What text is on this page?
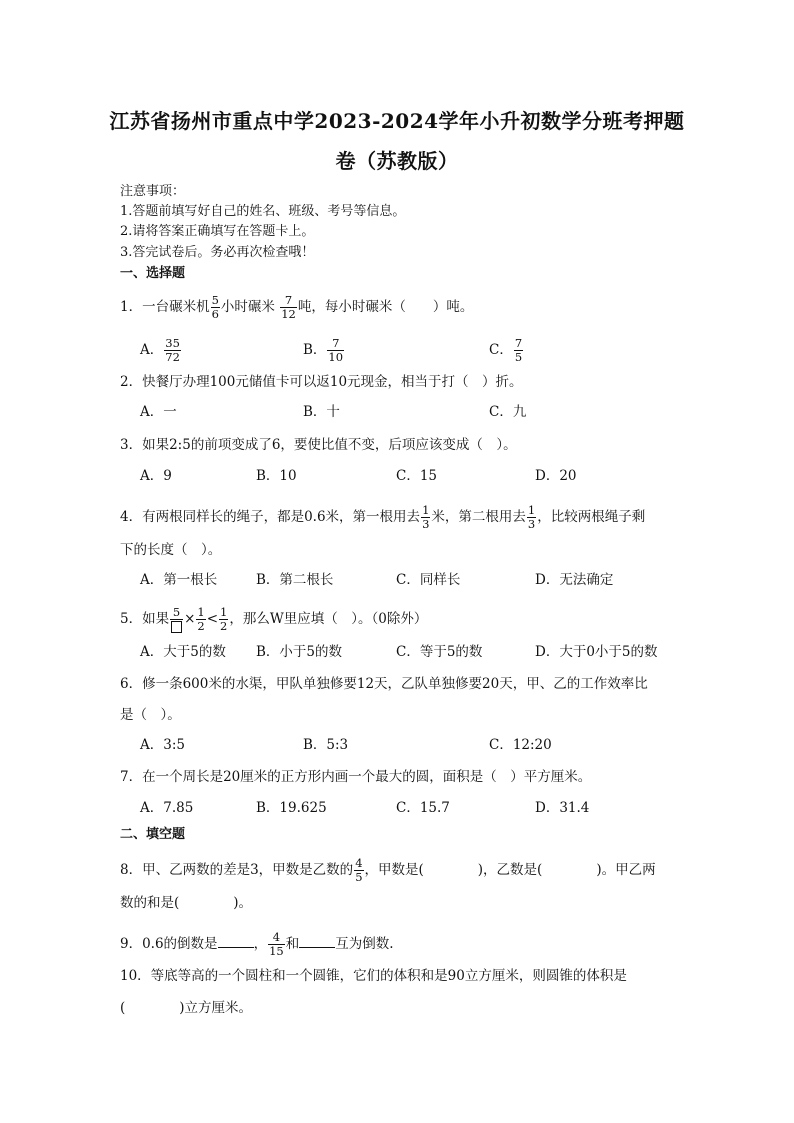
江苏省扬州市重点中学2023-2024学年小升初数学分班考押题
卷（苏教版）
注意事项：
1.答题前填写好自己的姓名、班级、考号等信息。
2.请将答案正确填写在答题卡上。
3.答完试卷后。务必再次检查哦！
一、选择题
1．一台碾米机 $\frac{5}{6}$ 小时碾米 $\frac{7}{12}$ 吨，每小时碾米（　　）吨。
A． $\frac{35}{72}$	B． $\frac{7}{10}$	C． $\frac{7}{5}$
2．快餐厅办理100元储值卡可以返10元现金，相当于打（　）折。
A．一	B．十	C．九
3．如果2:5的前项变成了6，要使比值不变，后项应该变成（　）。
A．9	B．10	C．15	D．20
4．有两根同样长的绳子，都是0.6米，第一根用去 $\frac{1}{3}$ 米，第二根用去 $\frac{1}{3}$ ，比较两根绳子剩
下的长度（　）。
A．第一根长	B．第二根长	C．同样长	D．无法确定
5．如果 $5 \times \frac{1}{2} < \frac{1}{2}$ ，那么W里应填（　）。（0除外）
A．大于5的数 B．小于5的数	C．等于5的数	D．大于0小于5的数
6．修一条600米的水渠，甲队单独修要12天，乙队单独修要20天，甲、乙的工作效率比
是（　）。
A．3:5	B．5:3	C．12:20
7．在一个周长是20厘米的正方形内画一个最大的圆，面积是（　）平方厘米。
A．7.85	B．19.625	C．15.7	D．31.4
二、填空题
8．甲、乙两数的差是3，甲数是乙数的 $\frac{4}{5}$ ，甲数是(　　　　)，乙数是(　　　　)。甲乙两
数的和是(　　　　)。
9．0.6的倒数是	， $\frac{4}{15}$ 和	互为倒数.
10．等底等高的一个圆柱和一个圆锥，它们的体积和是90立方厘米，则圆锥的体积是
(　　　　)立方厘米。
